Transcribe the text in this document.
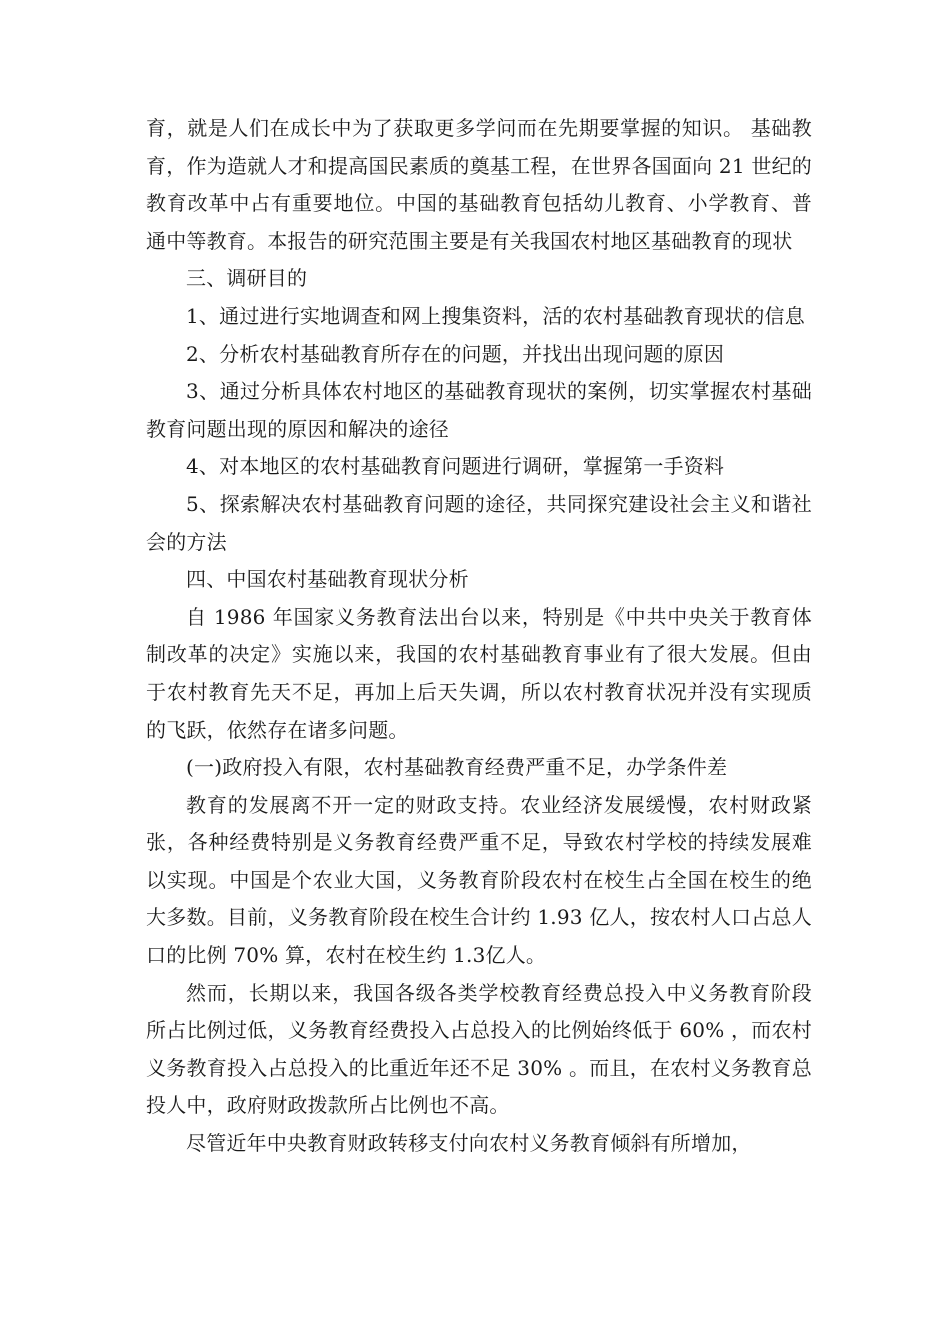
育，就是人们在成长中为了获取更多学问而在先期要掌握的知识。 基础教育，作为造就人才和提高国民素质的奠基工程，在世界各国面向 21 世纪的教育改革中占有重要地位。中国的基础教育包括幼儿教育、小学教育、普通中等教育。本报告的研究范围主要是有关我国农村地区基础教育的现状

三、调研目的

1、通过进行实地调查和网上搜集资料，活的农村基础教育现状的信息

2、分析农村基础教育所存在的问题，并找出出现问题的原因

3、通过分析具体农村地区的基础教育现状的案例，切实掌握农村基础教育问题出现的原因和解决的途径

4、对本地区的农村基础教育问题进行调研，掌握第一手资料

5、探索解决农村基础教育问题的途径，共同探究建设社会主义和谐社会的方法

四、中国农村基础教育现状分析

自 1986 年国家义务教育法出台以来，特别是《中共中央关于教育体制改革的决定》实施以来，我国的农村基础教育事业有了很大发展。但由于农村教育先天不足，再加上后天失调，所以农村教育状况并没有实现质的飞跃，依然存在诸多问题。

(一)政府投入有限，农村基础教育经费严重不足，办学条件差

教育的发展离不开一定的财政支持。农业经济发展缓慢，农村财政紧张，各种经费特别是义务教育经费严重不足，导致农村学校的持续发展难以实现。中国是个农业大国，义务教育阶段农村在校生占全国在校生的绝大多数。目前，义务教育阶段在校生合计约 1.93 亿人，按农村人口占总人口的比例 70% 算，农村在校生约 1.3亿人。

然而，长期以来，我国各级各类学校教育经费总投入中义务教育阶段所占比例过低，义务教育经费投入占总投入的比例始终低于 60% ，而农村义务教育投入占总投入的比重近年还不足 30% 。而且，在农村义务教育总投人中，政府财政拨款所占比例也不高。

尽管近年中央教育财政转移支付向农村义务教育倾斜有所增加，
